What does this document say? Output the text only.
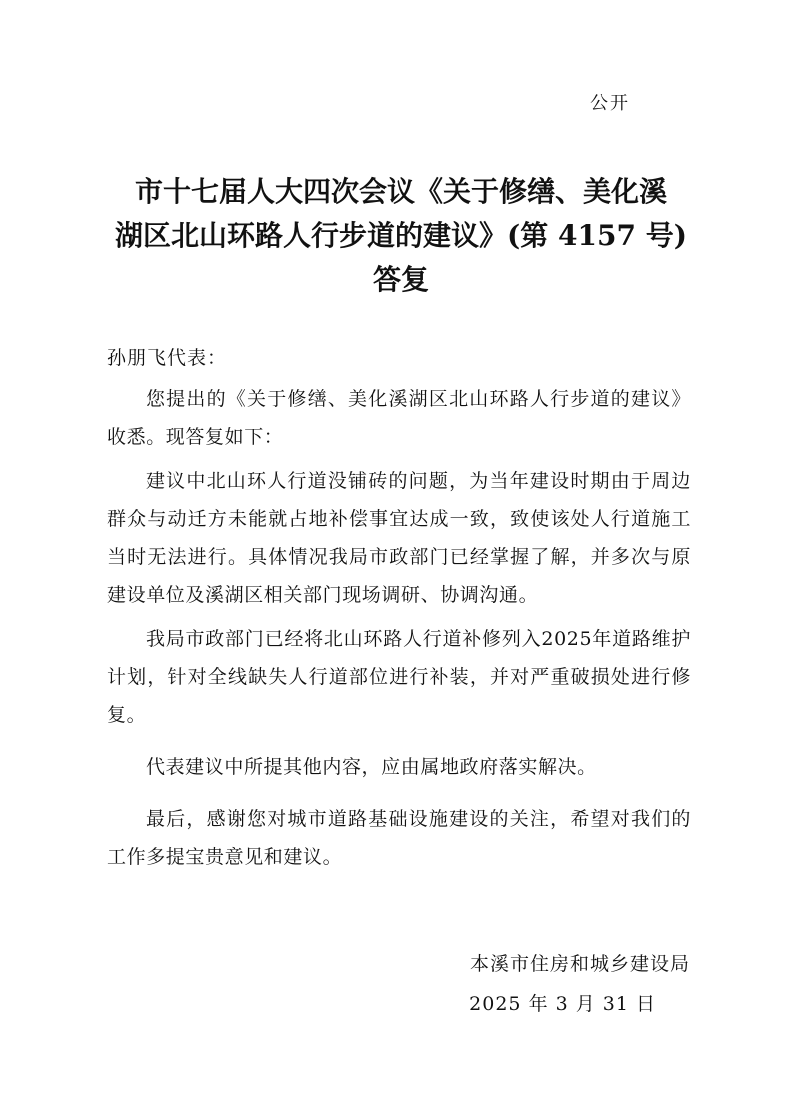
公开
市十七届人大四次会议《关于修缮、美化溪
湖区北山环路人行步道的建议》(第 4157 号)
答复

孙朋飞代表：

您提出的《关于修缮、美化溪湖区北山环路人行步道的建议》收悉。现答复如下：

建议中北山环人行道没铺砖的问题，为当年建设时期由于周边群众与动迁方未能就占地补偿事宜达成一致，致使该处人行道施工当时无法进行。具体情况我局市政部门已经掌握了解，并多次与原建设单位及溪湖区相关部门现场调研、协调沟通。

我局市政部门已经将北山环路人行道补修列入2025年道路维护计划，针对全线缺失人行道部位进行补装，并对严重破损处进行修复。

代表建议中所提其他内容，应由属地政府落实解决。

最后，感谢您对城市道路基础设施建设的关注，希望对我们的工作多提宝贵意见和建议。

本溪市住房和城乡建设局
2025 年 3 月 31 日
